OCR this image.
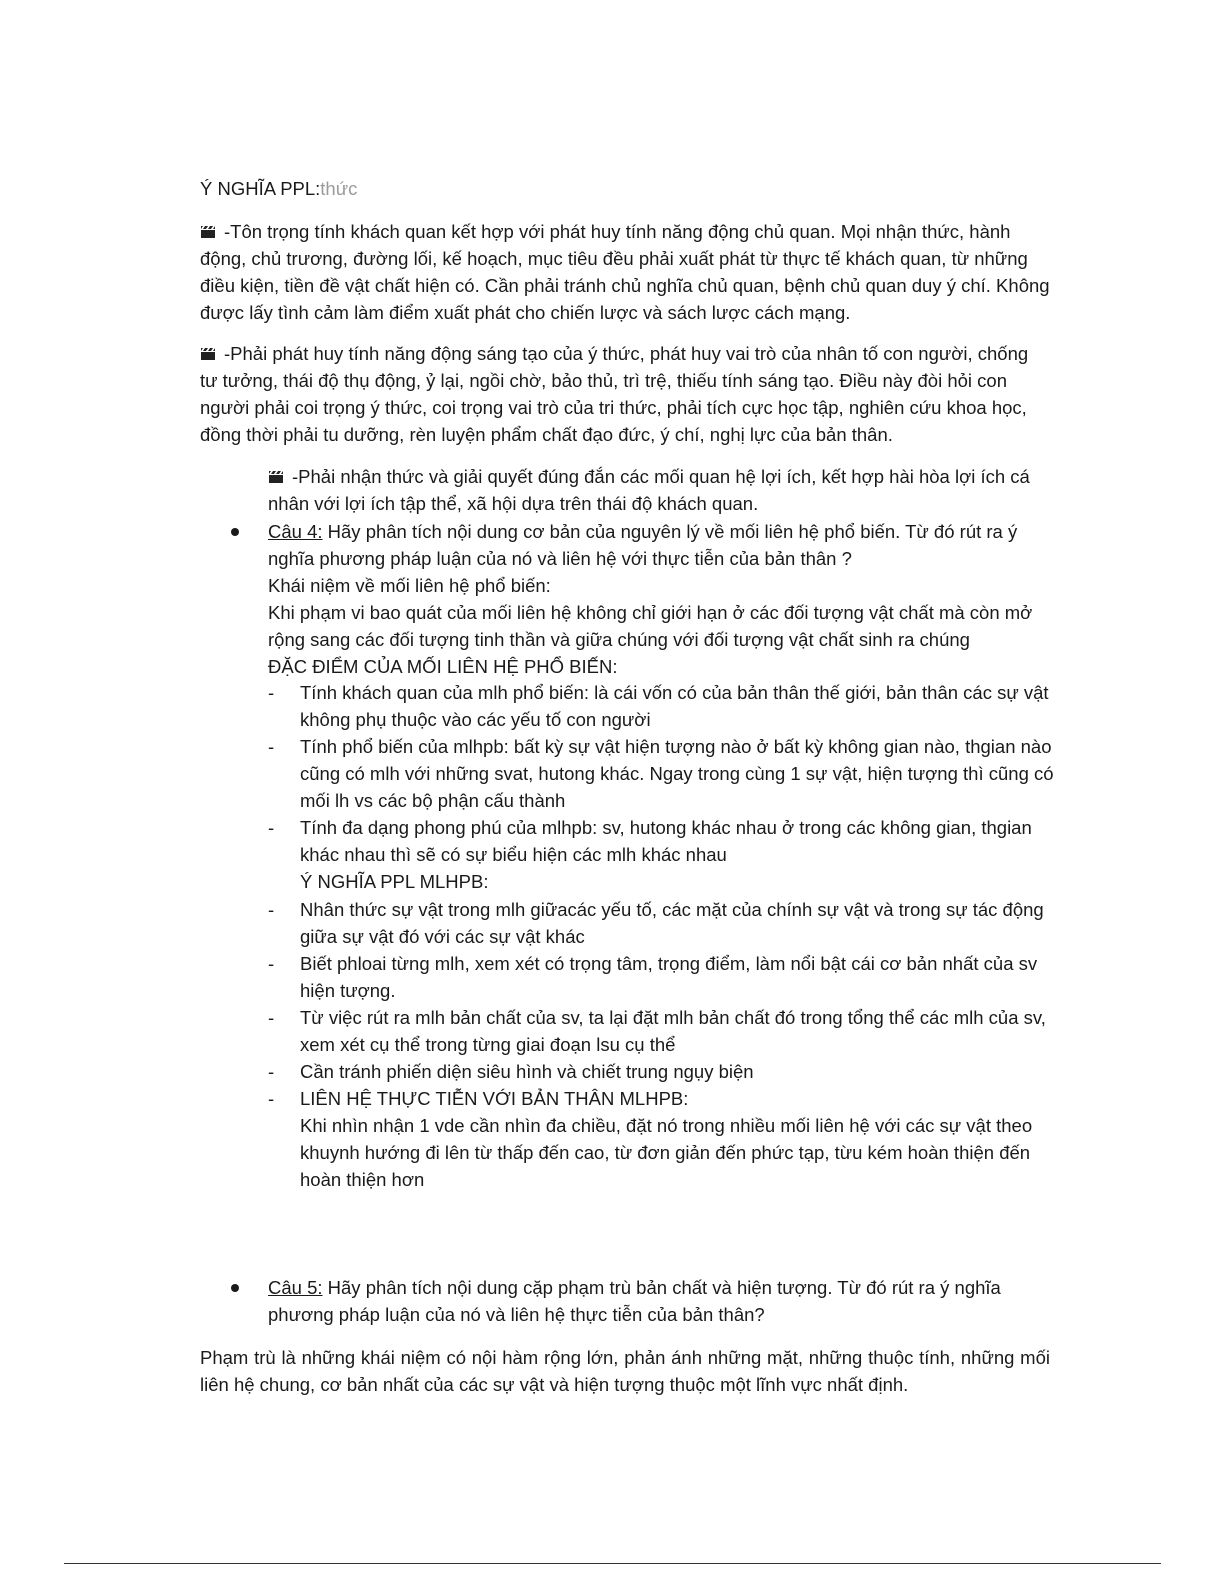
Ý NGHĨA PPL:thức
-Tôn trọng tính khách quan kết hợp với phát huy tính năng động chủ quan. Mọi nhận thức, hành động, chủ trương, đường lối, kế hoạch, mục tiêu đều phải xuất phát từ thực tế khách quan, từ những điều kiện, tiền đề vật chất hiện có. Cần phải tránh chủ nghĩa chủ quan, bệnh chủ quan duy ý chí. Không được lấy tình cảm làm điểm xuất phát cho chiến lược và sách lược cách mạng.
-Phải phát huy tính năng động sáng tạo của ý thức, phát huy vai trò của nhân tố con người, chống tư tưởng, thái độ thụ động, ỷ lại, ngồi chờ, bảo thủ, trì trệ, thiếu tính sáng tạo. Điều này đòi hỏi con người phải coi trọng ý thức, coi trọng vai trò của tri thức, phải tích cực học tập, nghiên cứu khoa học, đồng thời phải tu dưỡng, rèn luyện phẩm chất đạo đức, ý chí, nghị lực của bản thân.
-Phải nhận thức và giải quyết đúng đắn các mối quan hệ lợi ích, kết hợp hài hòa lợi ích cá nhân với lợi ích tập thể, xã hội dựa trên thái độ khách quan.
Câu 4: Hãy phân tích nội dung cơ bản của nguyên lý về mối liên hệ phổ biến. Từ đó rút ra ý nghĩa phương pháp luận của nó và liên hệ với thực tiễn của bản thân ?
Khái niệm về mối liên hệ phổ biến:
Khi phạm vi bao quát của mối liên hệ không chỉ giới hạn ở các đối tượng vật chất mà còn mở rộng sang các đối tượng tinh thần và giữa chúng với đối tượng vật chất sinh ra chúng
ĐẶC ĐIỂM CỦA MỐI LIÊN HỆ PHỔ BIẾN:
- Tính khách quan của mlh phổ biến: là cái vốn có của bản thân thế giới, bản thân các sự vật không phụ thuộc vào các yếu tố con người
- Tính phổ biến của mlhpb: bất kỳ sự vật hiện tượng nào ở bất kỳ không gian nào, thgian nào cũng có mlh với những svat, hutong khác. Ngay trong cùng 1 sự vật, hiện tượng thì cũng có mối lh vs các bộ phận cấu thành
- Tính đa dạng phong phú của mlhpb: sv, hutong khác nhau ở trong các không gian, thgian khác nhau thì sẽ có sự biểu hiện các mlh khác nhau
Ý NGHĨA PPL MLHPB:
- Nhân thức sự vật trong mlh giữacác yếu tố, các mặt của chính sự vật và trong sự tác động giữa sự vật đó với các sự vật khác
- Biết phloai từng mlh, xem xét có trọng tâm, trọng điểm, làm nổi bật cái cơ bản nhất của sv hiện tượng.
- Từ việc rút ra mlh bản chất của sv, ta lại đặt mlh bản chất đó trong tổng thể các mlh của sv, xem xét cụ thể trong từng giai đoạn lsu cụ thể
- Cần tránh phiến diện siêu hình và chiết trung ngụy biện
- LIÊN HỆ THỰC TIỄN VỚI BẢN THÂN MLHPB:
Khi nhìn nhận 1 vde cần nhìn đa chiều, đặt nó trong nhiều mối liên hệ với các sự vật theo khuynh hướng đi lên từ thấp đến cao, từ đơn giản đến phức tạp, từu kém hoàn thiện đến hoàn thiện hơn
Câu 5: Hãy phân tích nội dung cặp phạm trù bản chất và hiện tượng. Từ đó rút ra ý nghĩa phương pháp luận của nó và liên hệ thực tiễn của bản thân?
Phạm trù là những khái niệm có nội hàm rộng lớn, phản ánh những mặt, những thuộc tính, những mối liên hệ chung, cơ bản nhất của các sự vật và hiện tượng thuộc một lĩnh vực nhất định.
